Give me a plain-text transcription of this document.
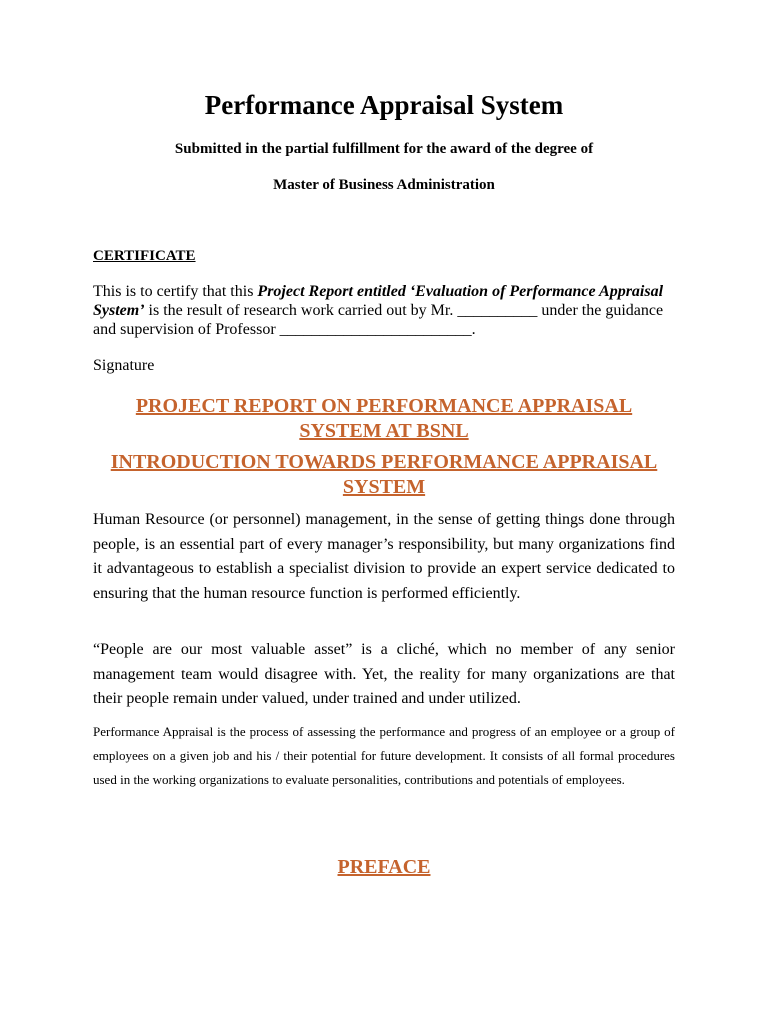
Performance Appraisal System
Submitted in the partial fulfillment for the award of the degree of
Master of Business Administration
CERTIFICATE
This is to certify that this Project Report entitled ‘Evaluation of Performance Appraisal System’ is the result of research work carried out by Mr. __________ under the guidance and supervision of Professor ________________________.
Signature
PROJECT REPORT ON PERFORMANCE APPRAISAL SYSTEM AT BSNL
INTRODUCTION TOWARDS PERFORMANCE APPRAISAL SYSTEM
Human Resource (or personnel) management, in the sense of getting things done through people, is an essential part of every manager’s responsibility, but many organizations find it advantageous to establish a specialist division to provide an expert service dedicated to ensuring that the human resource function is performed efficiently.
“People are our most valuable asset” is a cliché, which no member of any senior management team would disagree with. Yet, the reality for many organizations are that their people remain under valued, under trained and under utilized.
Performance Appraisal is the process of assessing the performance and progress of an employee or a group of employees on a given job and his / their potential for future development. It consists of all formal procedures used in the working organizations to evaluate personalities, contributions and potentials of employees.
PREFACE
